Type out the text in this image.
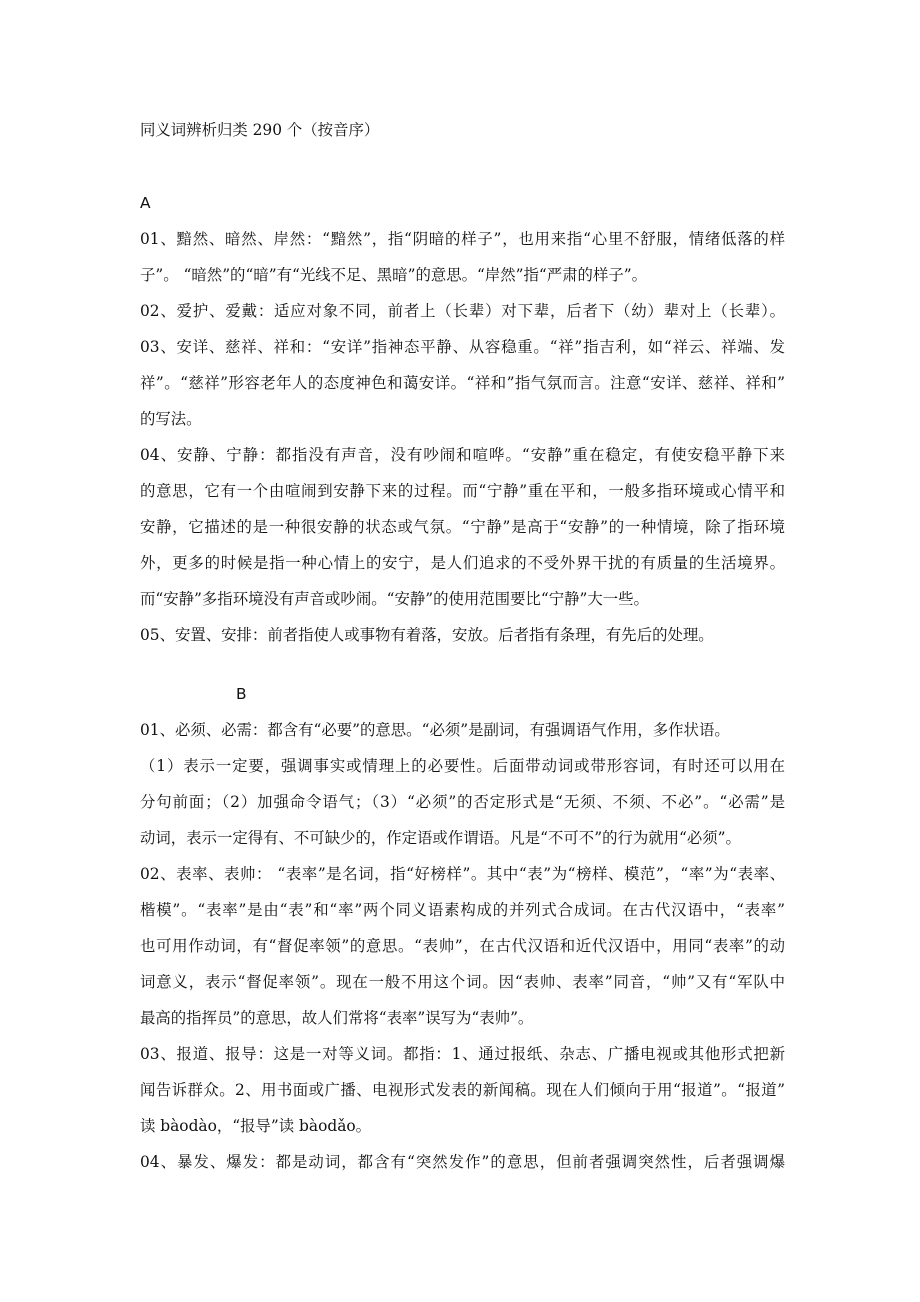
同义词辨析归类 290 个（按音序）
A
01、黯然、暗然、岸然：“黯然”，指“阴暗的样子”，也用来指“心里不舒服，情绪低落的样
子”。 “暗然”的“暗”有“光线不足、黑暗”的意思。“岸然”指“严肃的样子”。
02、爱护、爱戴：适应对象不同，前者上（长辈）对下辈，后者下（幼）辈对上（长辈）。
03、安详、慈祥、祥和：“安详”指神态平静、从容稳重。“祥”指吉利，如“祥云、祥端、发
祥”。“慈祥”形容老年人的态度神色和蔼安详。“祥和”指气氛而言。注意“安详、慈祥、祥和”
的写法。
04、安静、宁静：都指没有声音，没有吵闹和喧哗。“安静”重在稳定，有使安稳平静下来
的意思，它有一个由喧闹到安静下来的过程。而“宁静”重在平和，一般多指环境或心情平和
安静，它描述的是一种很安静的状态或气氛。“宁静”是高于“安静”的一种情境，除了指环境
外，更多的时候是指一种心情上的安宁，是人们追求的不受外界干扰的有质量的生活境界。
而“安静”多指环境没有声音或吵闹。“安静”的使用范围要比“宁静”大一些。
05、安置、安排：前者指使人或事物有着落，安放。后者指有条理，有先后的处理。
B
01、必须、必需：都含有“必要”的意思。“必须”是副词，有强调语气作用，多作状语。
（1）表示一定要，强调事实或情理上的必要性。后面带动词或带形容词，有时还可以用在
分句前面；（2）加强命令语气；（3）“必须”的否定形式是“无须、不须、不必”。“必需”是
动词，表示一定得有、不可缺少的，作定语或作谓语。凡是“不可不”的行为就用“必须”。
02、表率、表帅： “表率”是名词，指“好榜样”。其中“表”为“榜样、模范”，“率”为“表率、
楷模”。“表率”是由“表”和“率”两个同义语素构成的并列式合成词。在古代汉语中，“表率”
也可用作动词，有“督促率领”的意思。“表帅”，在古代汉语和近代汉语中，用同“表率”的动
词意义，表示“督促率领”。现在一般不用这个词。因“表帅、表率”同音，“帅”又有“军队中
最高的指挥员”的意思，故人们常将“表率”误写为“表帅”。
03、报道、报导：这是一对等义词。都指：1、通过报纸、杂志、广播电视或其他形式把新
闻告诉群众。2、用书面或广播、电视形式发表的新闻稿。现在人们倾向于用“报道”。“报道”
读 bàodào，“报导”读 bàodǎo。
04、暴发、爆发：都是动词，都含有“突然发作”的意思，但前者强调突然性，后者强调爆
